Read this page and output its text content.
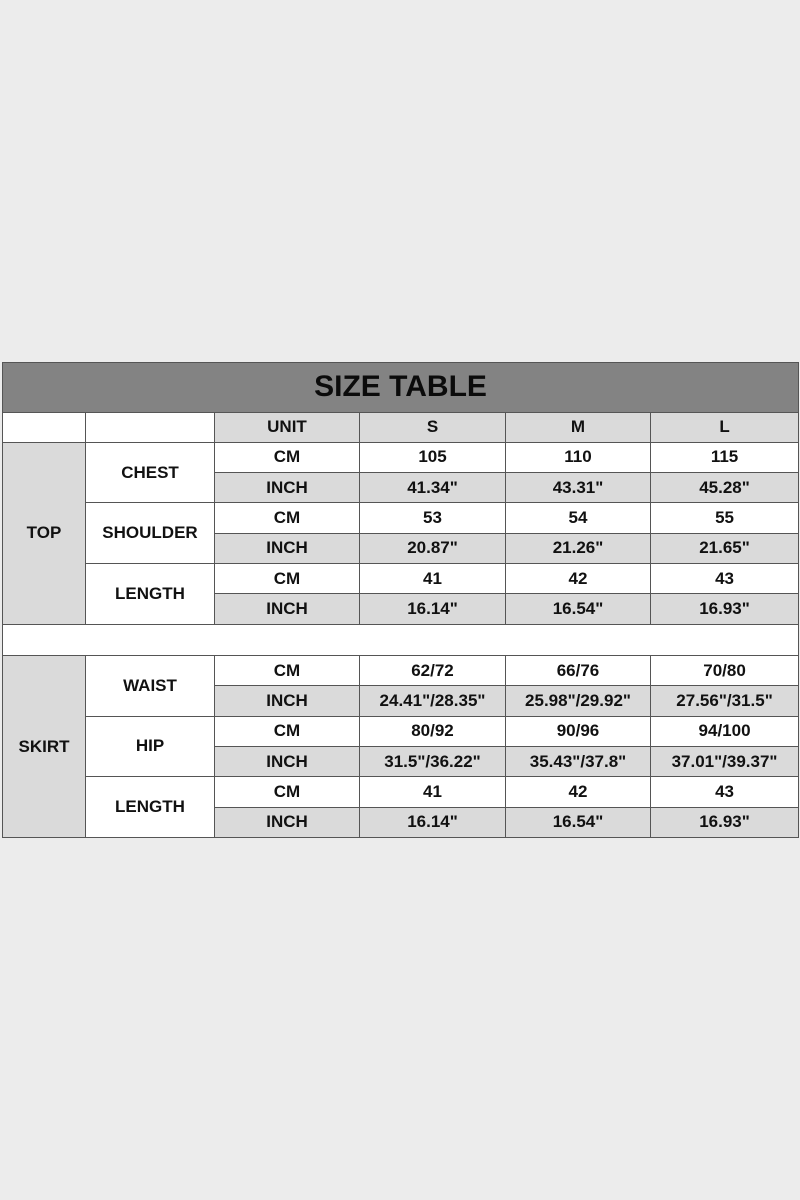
SIZE TABLE					
		UNIT	S	M	L
TOP	CHEST	CM	105	110	115
		INCH	41.34"	43.31"	45.28"
	SHOULDER	CM	53	54	55
		INCH	20.87"	21.26"	21.65"
	LENGTH	CM	41	42	43
		INCH	16.14"	16.54"	16.93"

SKIRT	WAIST	CM	62/72	66/76	70/80
		INCH	24.41"/28.35"	25.98"/29.92"	27.56"/31.5"
	HIP	CM	80/92	90/96	94/100
		INCH	31.5"/36.22"	35.43"/37.8"	37.01"/39.37"
	LENGTH	CM	41	42	43
		INCH	16.14"	16.54"	16.93"
